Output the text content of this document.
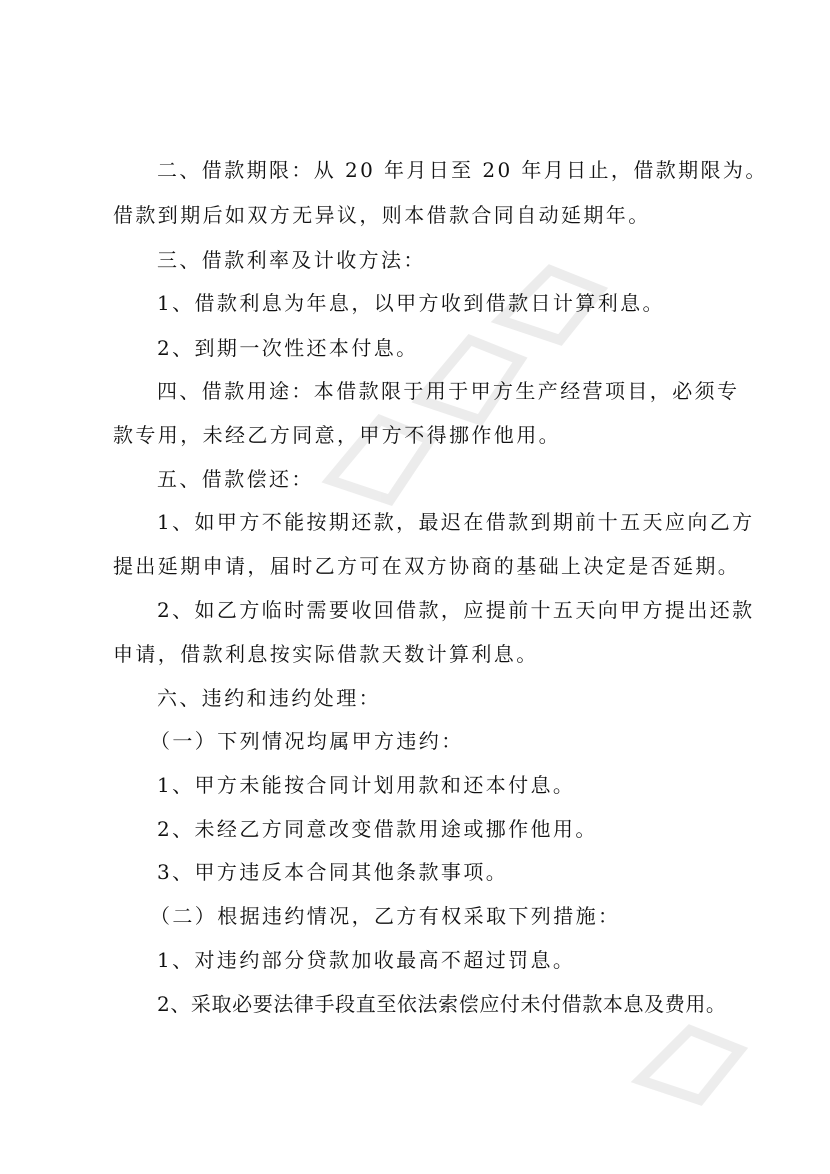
二、借款期限：从 20 年月日至 20 年月日止，借款期限为。
借款到期后如双方无异议，则本借款合同自动延期年。
三、借款利率及计收方法：
1、借款利息为年息，以甲方收到借款日计算利息。
2、到期一次性还本付息。
四、借款用途：本借款限于用于甲方生产经营项目，必须专
款专用，未经乙方同意，甲方不得挪作他用。
五、借款偿还：
1、如甲方不能按期还款，最迟在借款到期前十五天应向乙方
提出延期申请，届时乙方可在双方协商的基础上决定是否延期。
2、如乙方临时需要收回借款，应提前十五天向甲方提出还款
申请，借款利息按实际借款天数计算利息。
六、违约和违约处理：
（一）下列情况均属甲方违约：
1、甲方未能按合同计划用款和还本付息。
2、未经乙方同意改变借款用途或挪作他用。
3、甲方违反本合同其他条款事项。
（二）根据违约情况，乙方有权采取下列措施：
1、对违约部分贷款加收最高不超过罚息。
2、采取必要法律手段直至依法索偿应付未付借款本息及费用。
